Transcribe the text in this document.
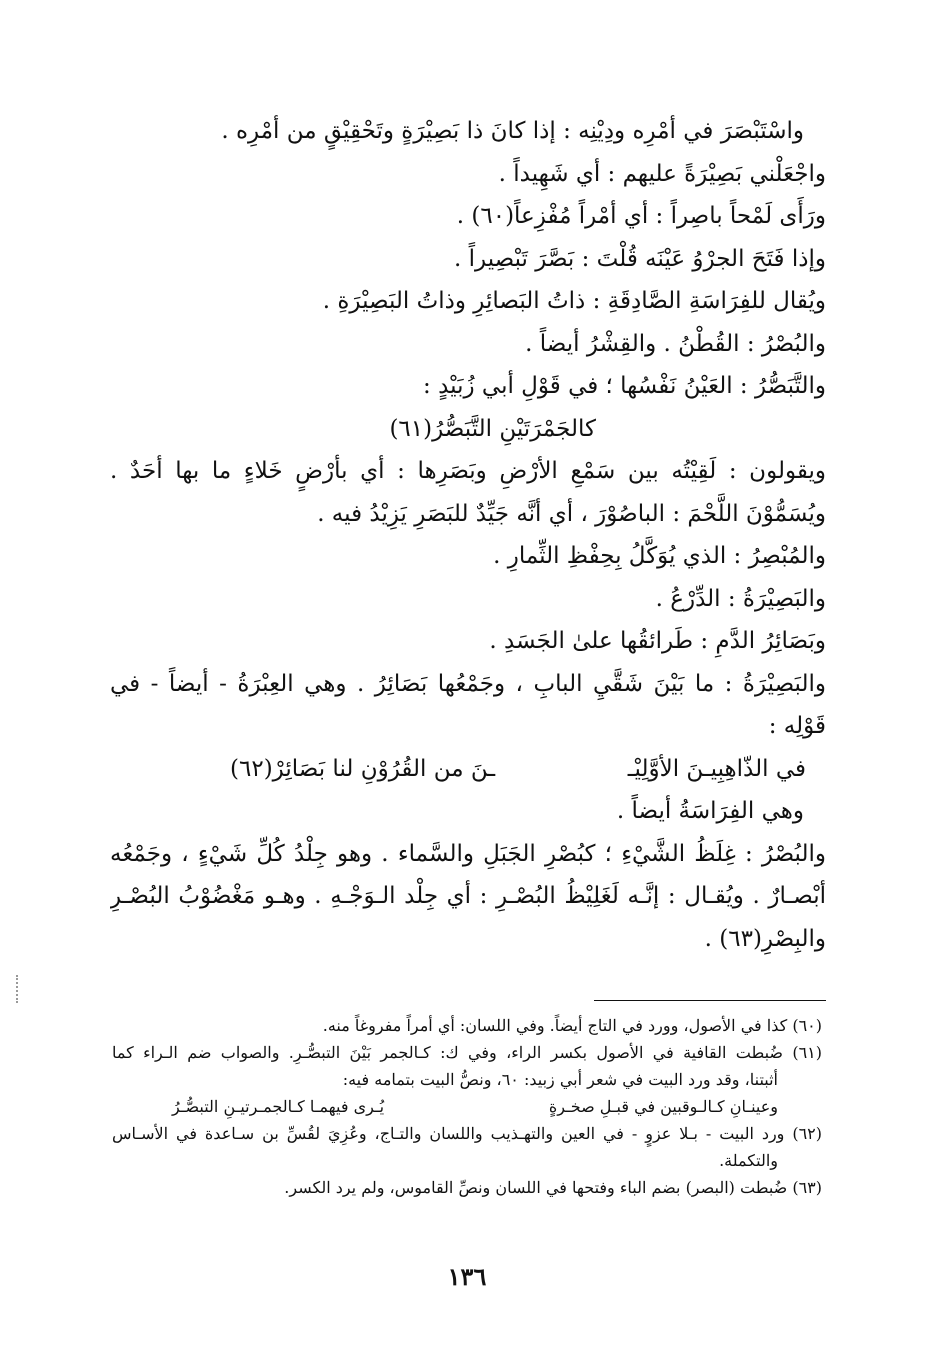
واسْتَبْصَرَ في أمْرِه ودِيْنِه : إذا كانَ ذا بَصِيْرَةٍ وتَحْقِيْقٍ من أمْرِه .
واجْعَلْني بَصِيْرَةً عليهم : أي شَهِيداً .
ورَأَى لَمْحاً باصِراً : أي أمْراً مُفْزِعاً(٦٠) .
وإذا فَتَحَ الجرْوُ عَيْنَه قُلْتَ : بَصَّرَ تَبْصِيراً .
ويُقال للفِرَاسَةِ الصَّادِقَةِ : ذاتُ البَصائِرِ وذاتُ البَصِيْرَةِ .
والبُصْرُ : القُطْنُ . والقِشْرُ أيضاً .
والتَّبَصُّرُ : العَيْنُ نَفْسُها ؛ في قَوْلِ أبي زُبَيْدٍ :
كالجَمْرَتَيْنِ التَّبَصُّرُ(٦١)
ويقولون : لَقِيْتُه بين سَمْعِ الأرْضِ وبَصَرِها : أي بأرْضٍ خَلاءٍ ما بها أحَدٌ .
ويُسَمُّوْنَ اللَّحْمَ : الباصُوْرَ ، أي أنَّه جَيِّدٌ للبَصَرِ يَزِيْدُ فيه .
والمُبْصِرُ : الذي يُوَكَّلُ بِحِفْظِ الثِّمارِ .
والبَصِيْرَةُ : الدِّرْعُ .
وبَصَائِرُ الدَّمِ : طَرائقُها علىٰ الجَسَدِ .
والبَصِيْرَةُ : ما بَيْنَ شَقَّيِ البابِ ، وجَمْعُها بَصَائِرُ . وهي العِبْرَةُ - أيضاً - في
قَوْلِه :
في الذّاهِبِيـنَ الأوَّلِيْـ
ـنَ من القُرُوْنِ لنا بَصَائِرْ(٦٢)
وهي الفِرَاسَةُ أيضاً .
والبُصْرُ : غِلَظُ الشَّيْءِ ؛ كبُصْرِ الجَبَلِ والسَّماء . وهو جِلْدُ كُلِّ شَيْءٍ ، وجَمْعُه
أبْصـارٌ . ويُقـال : إنَّـه لَغَلِيْظُ البُصْـرِ : أي جِلْد الـوَجْـهِ . وهـو مَغْضُوْبُ البُصْـرِ
والبِصْرِ(٦٣) .
(٦٠) كذا في الأصول، وورد في التاج أيضاً. وفي اللسان: أي أمراً مفروغاً منه.
(٦١) ضُبطت القافية في الأصول بكسر الراء، وفي ك: كـالجمر بَيْنَ التبصُّـرِ. والصواب ضم الـراء كما
أثبتنا، وقد ورد البيت في شعر أبي زبيد: ٦٠، ونصُّ البيت بتمامه فيه:
وعينـانِ كـالـوقبين في قبـلِ صخـرةٍ
يُـرى فيهمـا كـالجمـرتيـنِ التبصُّـرُ
(٦٢) ورد البيت - بـلا عزوٍ - في العين والتهـذيب واللسان والتـاج، وعُزِيَ لقُسِّ بن سـاعدة في الأسـاس
والتكملة.
(٦٣) ضُبطت (البصر) بضم الباء وفتحها في اللسان ونصِّ القاموس، ولم يرد الكسر.
١٣٦
